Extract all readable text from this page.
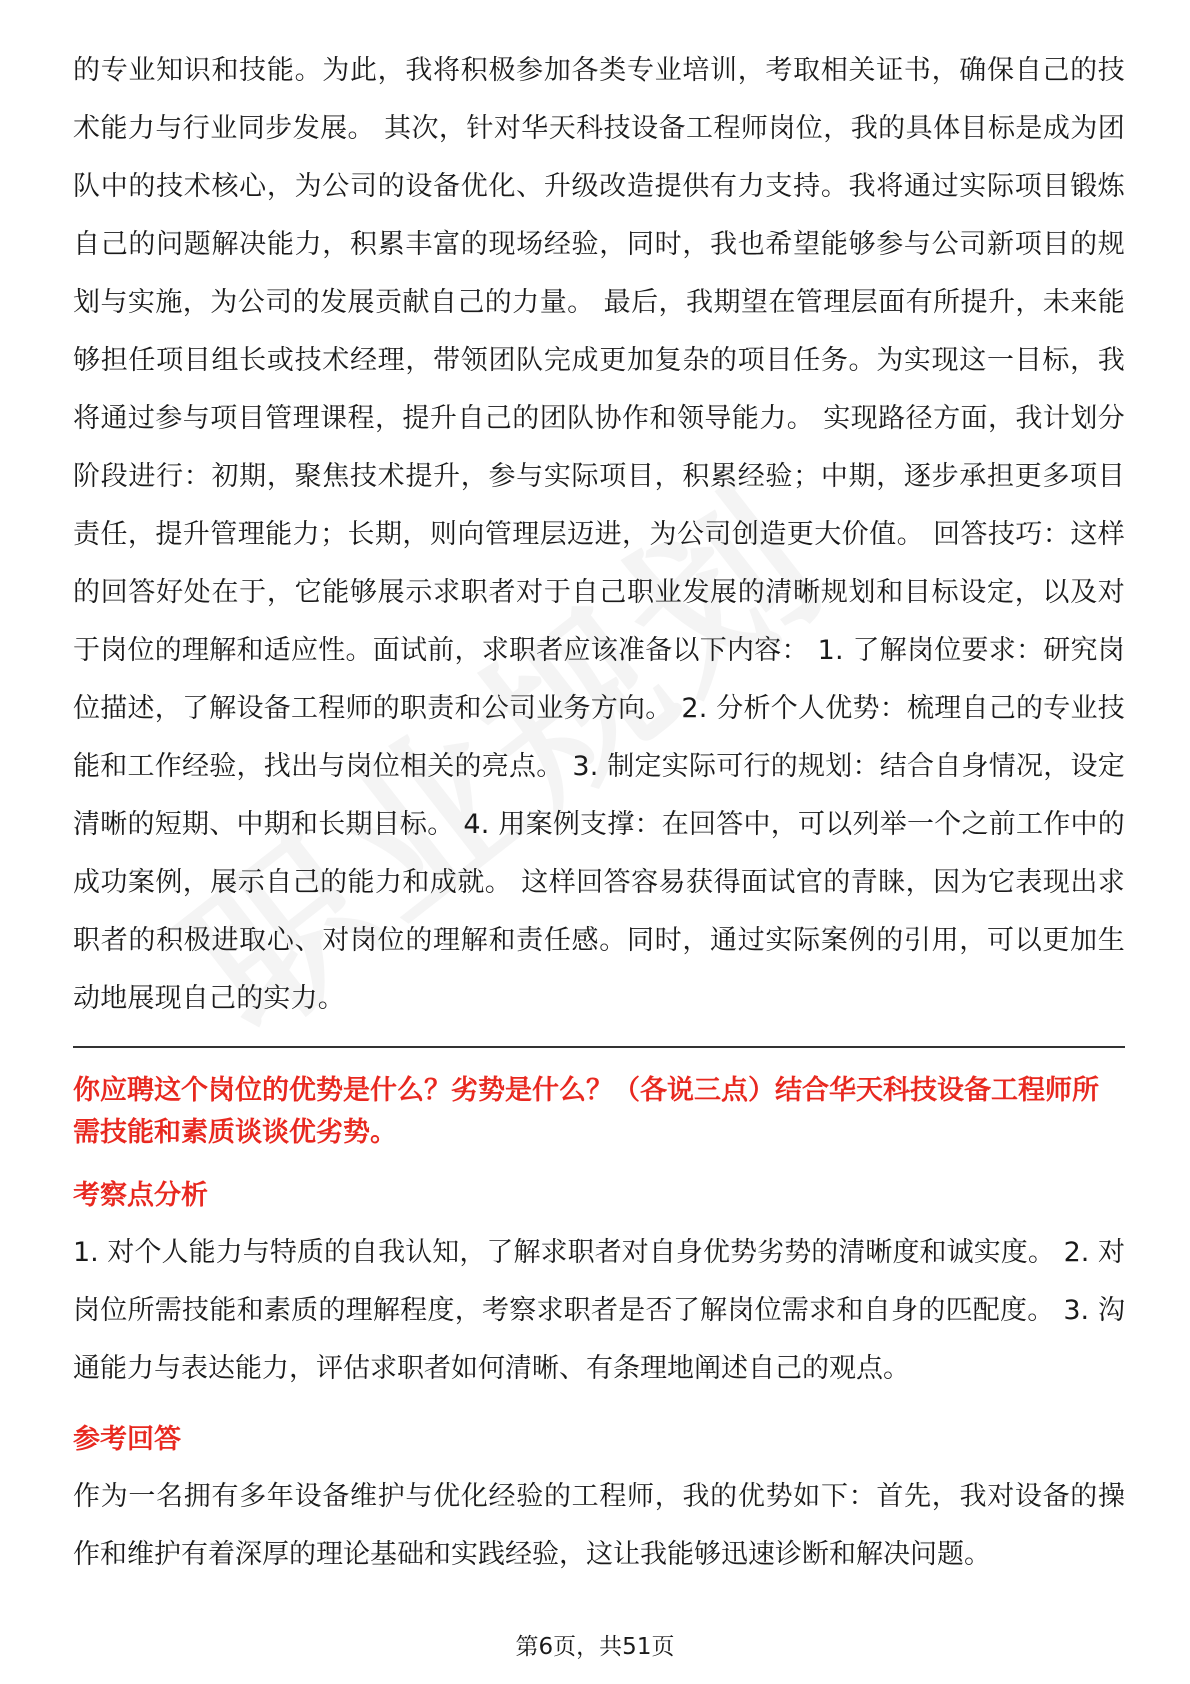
的专业知识和技能。为此，我将积极参加各类专业培训，考取相关证书，确保自己的技术能力与行业同步发展。 其次，针对华天科技设备工程师岗位，我的具体目标是成为团队中的技术核心，为公司的设备优化、升级改造提供有力支持。我将通过实际项目锻炼自己的问题解决能力，积累丰富的现场经验，同时，我也希望能够参与公司新项目的规划与实施，为公司的发展贡献自己的力量。 最后，我期望在管理层面有所提升，未来能够担任项目组长或技术经理，带领团队完成更加复杂的项目任务。为实现这一目标，我将通过参与项目管理课程，提升自己的团队协作和领导能力。 实现路径方面，我计划分阶段进行：初期，聚焦技术提升，参与实际项目，积累经验；中期，逐步承担更多项目责任，提升管理能力；长期，则向管理层迈进，为公司创造更大价值。 回答技巧：这样的回答好处在于，它能够展示求职者对于自己职业发展的清晰规划和目标设定，以及对于岗位的理解和适应性。面试前，求职者应该准备以下内容： 1. 了解岗位要求：研究岗位描述，了解设备工程师的职责和公司业务方向。 2. 分析个人优势：梳理自己的专业技能和工作经验，找出与岗位相关的亮点。 3. 制定实际可行的规划：结合自身情况，设定清晰的短期、中期和长期目标。 4. 用案例支撑：在回答中，可以列举一个之前工作中的成功案例，展示自己的能力和成就。 这样回答容易获得面试官的青睐，因为它表现出求职者的积极进取心、对岗位的理解和责任感。同时，通过实际案例的引用，可以更加生动地展现自己的实力。

你应聘这个岗位的优势是什么？劣势是什么？（各说三点）结合华天科技设备工程师所需技能和素质谈谈优劣势。

考察点分析

1. 对个人能力与特质的自我认知，了解求职者对自身优势劣势的清晰度和诚实度。 2. 对岗位所需技能和素质的理解程度，考察求职者是否了解岗位需求和自身的匹配度。 3. 沟通能力与表达能力，评估求职者如何清晰、有条理地阐述自己的观点。

参考回答

作为一名拥有多年设备维护与优化经验的工程师，我的优势如下：首先，我对设备的操作和维护有着深厚的理论基础和实践经验，这让我能够迅速诊断和解决问题。

第6页，共51页
